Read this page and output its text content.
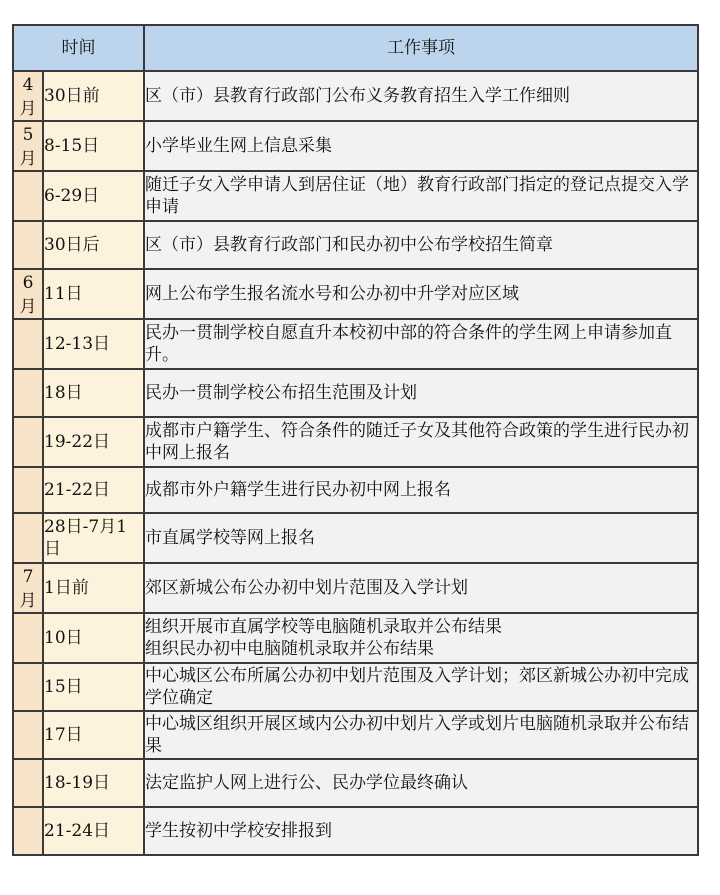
时间		工作事项

4
月	30日前	区（市）县教育行政部门公布义务教育招生入学工作细则

5
月	8-15日	小学毕业生网上信息采集

	6-29日	随迁子女入学申请人到居住证（地）教育行政部门指定的登记点提交入学申请

	30日后	区（市）县教育行政部门和民办初中公布学校招生简章

6
月	11日	网上公布学生报名流水号和公办初中升学对应区域

	12-13日	民办一贯制学校自愿直升本校初中部的符合条件的学生网上申请参加直升。

	18日	民办一贯制学校公布招生范围及计划

	19-22日	成都市户籍学生、符合条件的随迁子女及其他符合政策的学生进行民办初中网上报名

	21-22日	成都市外户籍学生进行民办初中网上报名

	28日-7月1日	市直属学校等网上报名

7
月	1日前	郊区新城公布公办初中划片范围及入学计划

	10日	组织开展市直属学校等电脑随机录取并公布结果
组织民办初中电脑随机录取并公布结果

	15日	中心城区公布所属公办初中划片范围及入学计划；郊区新城公办初中完成学位确定

	17日	中心城区组织开展区域内公办初中划片入学或划片电脑随机录取并公布结果

	18-19日	法定监护人网上进行公、民办学位最终确认

	21-24日	学生按初中学校安排报到
